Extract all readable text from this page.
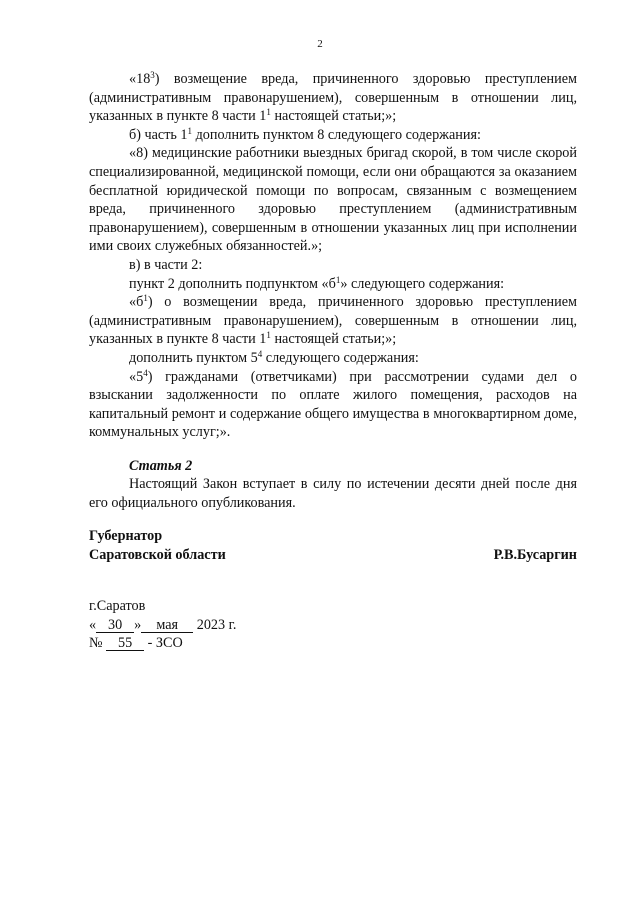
2

«$18^3$) возмещение вреда, причиненного здоровью преступлением (административным правонарушением), совершенным в отношении лиц, указанных в пункте 8 части $1^1$ настоящей статьи;»;

б) часть $1^1$ дополнить пунктом 8 следующего содержания:

«8) медицинские работники выездных бригад скорой, в том числе скорой специализированной, медицинской помощи, если они обращаются за оказанием бесплатной юридической помощи по вопросам, связанным с возмещением вреда, причиненного здоровью преступлением (административным правонарушением), совершенным в отношении указанных лиц при исполнении ими своих служебных обязанностей.»;

в) в части 2:

пункт 2 дополнить подпунктом «$б^1$» следующего содержания:

«$б^1$) о возмещении вреда, причиненного здоровью преступлением (административным правонарушением), совершенным в отношении лиц, указанных в пункте 8 части $1^1$ настоящей статьи;»;

дополнить пунктом $5^4$ следующего содержания:

«$5^4$) гражданами (ответчиками) при рассмотрении судами дел о взыскании задолженности по оплате жилого помещения, расходов на капитальный ремонт и содержание общего имущества в многоквартирном доме, коммунальных услуг;».

Статья 2

Настоящий Закон вступает в силу по истечении десяти дней после дня его официального опубликования.

Губернатор
Саратовской области	Р.В.Бусаргин
г.Саратов
« 30 » мая 2023 г.
№ 55 - ЗСО
